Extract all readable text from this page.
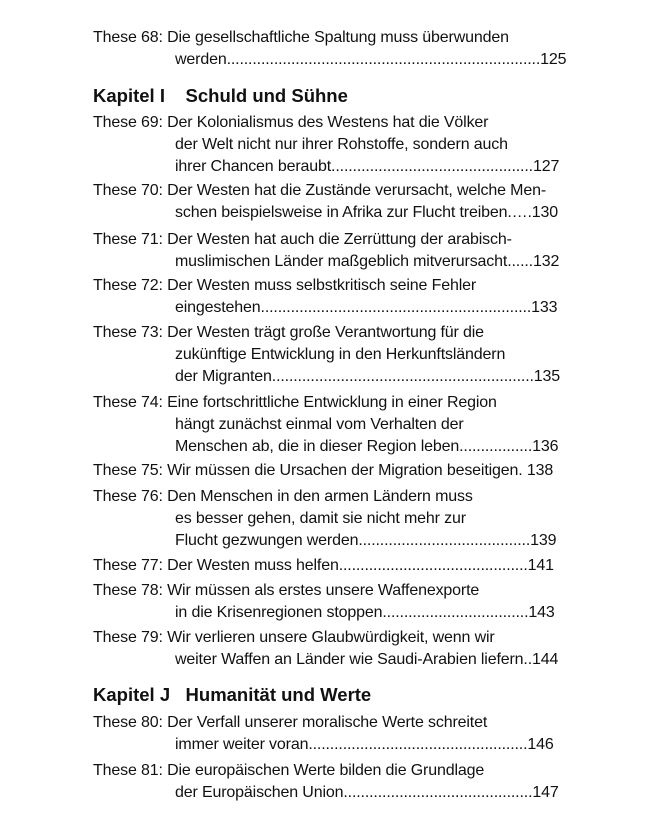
These 68: Die gesellschaftliche Spaltung muss überwunden
werden.........................................................................125
Kapitel I    Schuld und Sühne
These 69: Der Kolonialismus des Westens hat die Völker
der Welt nicht nur ihrer Rohstoffe, sondern auch
ihrer Chancen beraubt...............................................127
These 70: Der Westen hat die Zustände verursacht, welche Men-
schen beispielsweise in Afrika zur Flucht treiben.….130
These 71: Der Westen hat auch die Zerrüttung der arabisch-
muslimischen Länder maßgeblich mitverursacht......132
These 72: Der Westen muss selbstkritisch seine Fehler
eingestehen...............................................................133
These 73: Der Westen trägt große Verantwortung für die
zukünftige Entwicklung in den Herkunftsländern
der Migranten.............................................................135
These 74: Eine fortschrittliche Entwicklung in einer Region
hängt zunächst einmal vom Verhalten der
Menschen ab, die in dieser Region leben.................136
These 75: Wir müssen die Ursachen der Migration beseitigen. 138
These 76: Den Menschen in den armen Ländern muss
es besser gehen, damit sie nicht mehr zur
Flucht gezwungen werden........................................139
These 77: Der Westen muss helfen............................................141
These 78: Wir müssen als erstes unsere Waffenexporte
in die Krisenregionen stoppen..................................143
These 79: Wir verlieren unsere Glaubwürdigkeit, wenn wir
weiter Waffen an Länder wie Saudi-Arabien liefern..144
Kapitel J   Humanität und Werte
These 80: Der Verfall unserer moralische Werte schreitet
immer weiter voran...................................................146
These 81: Die europäischen Werte bilden die Grundlage
der Europäischen Union............................................147
